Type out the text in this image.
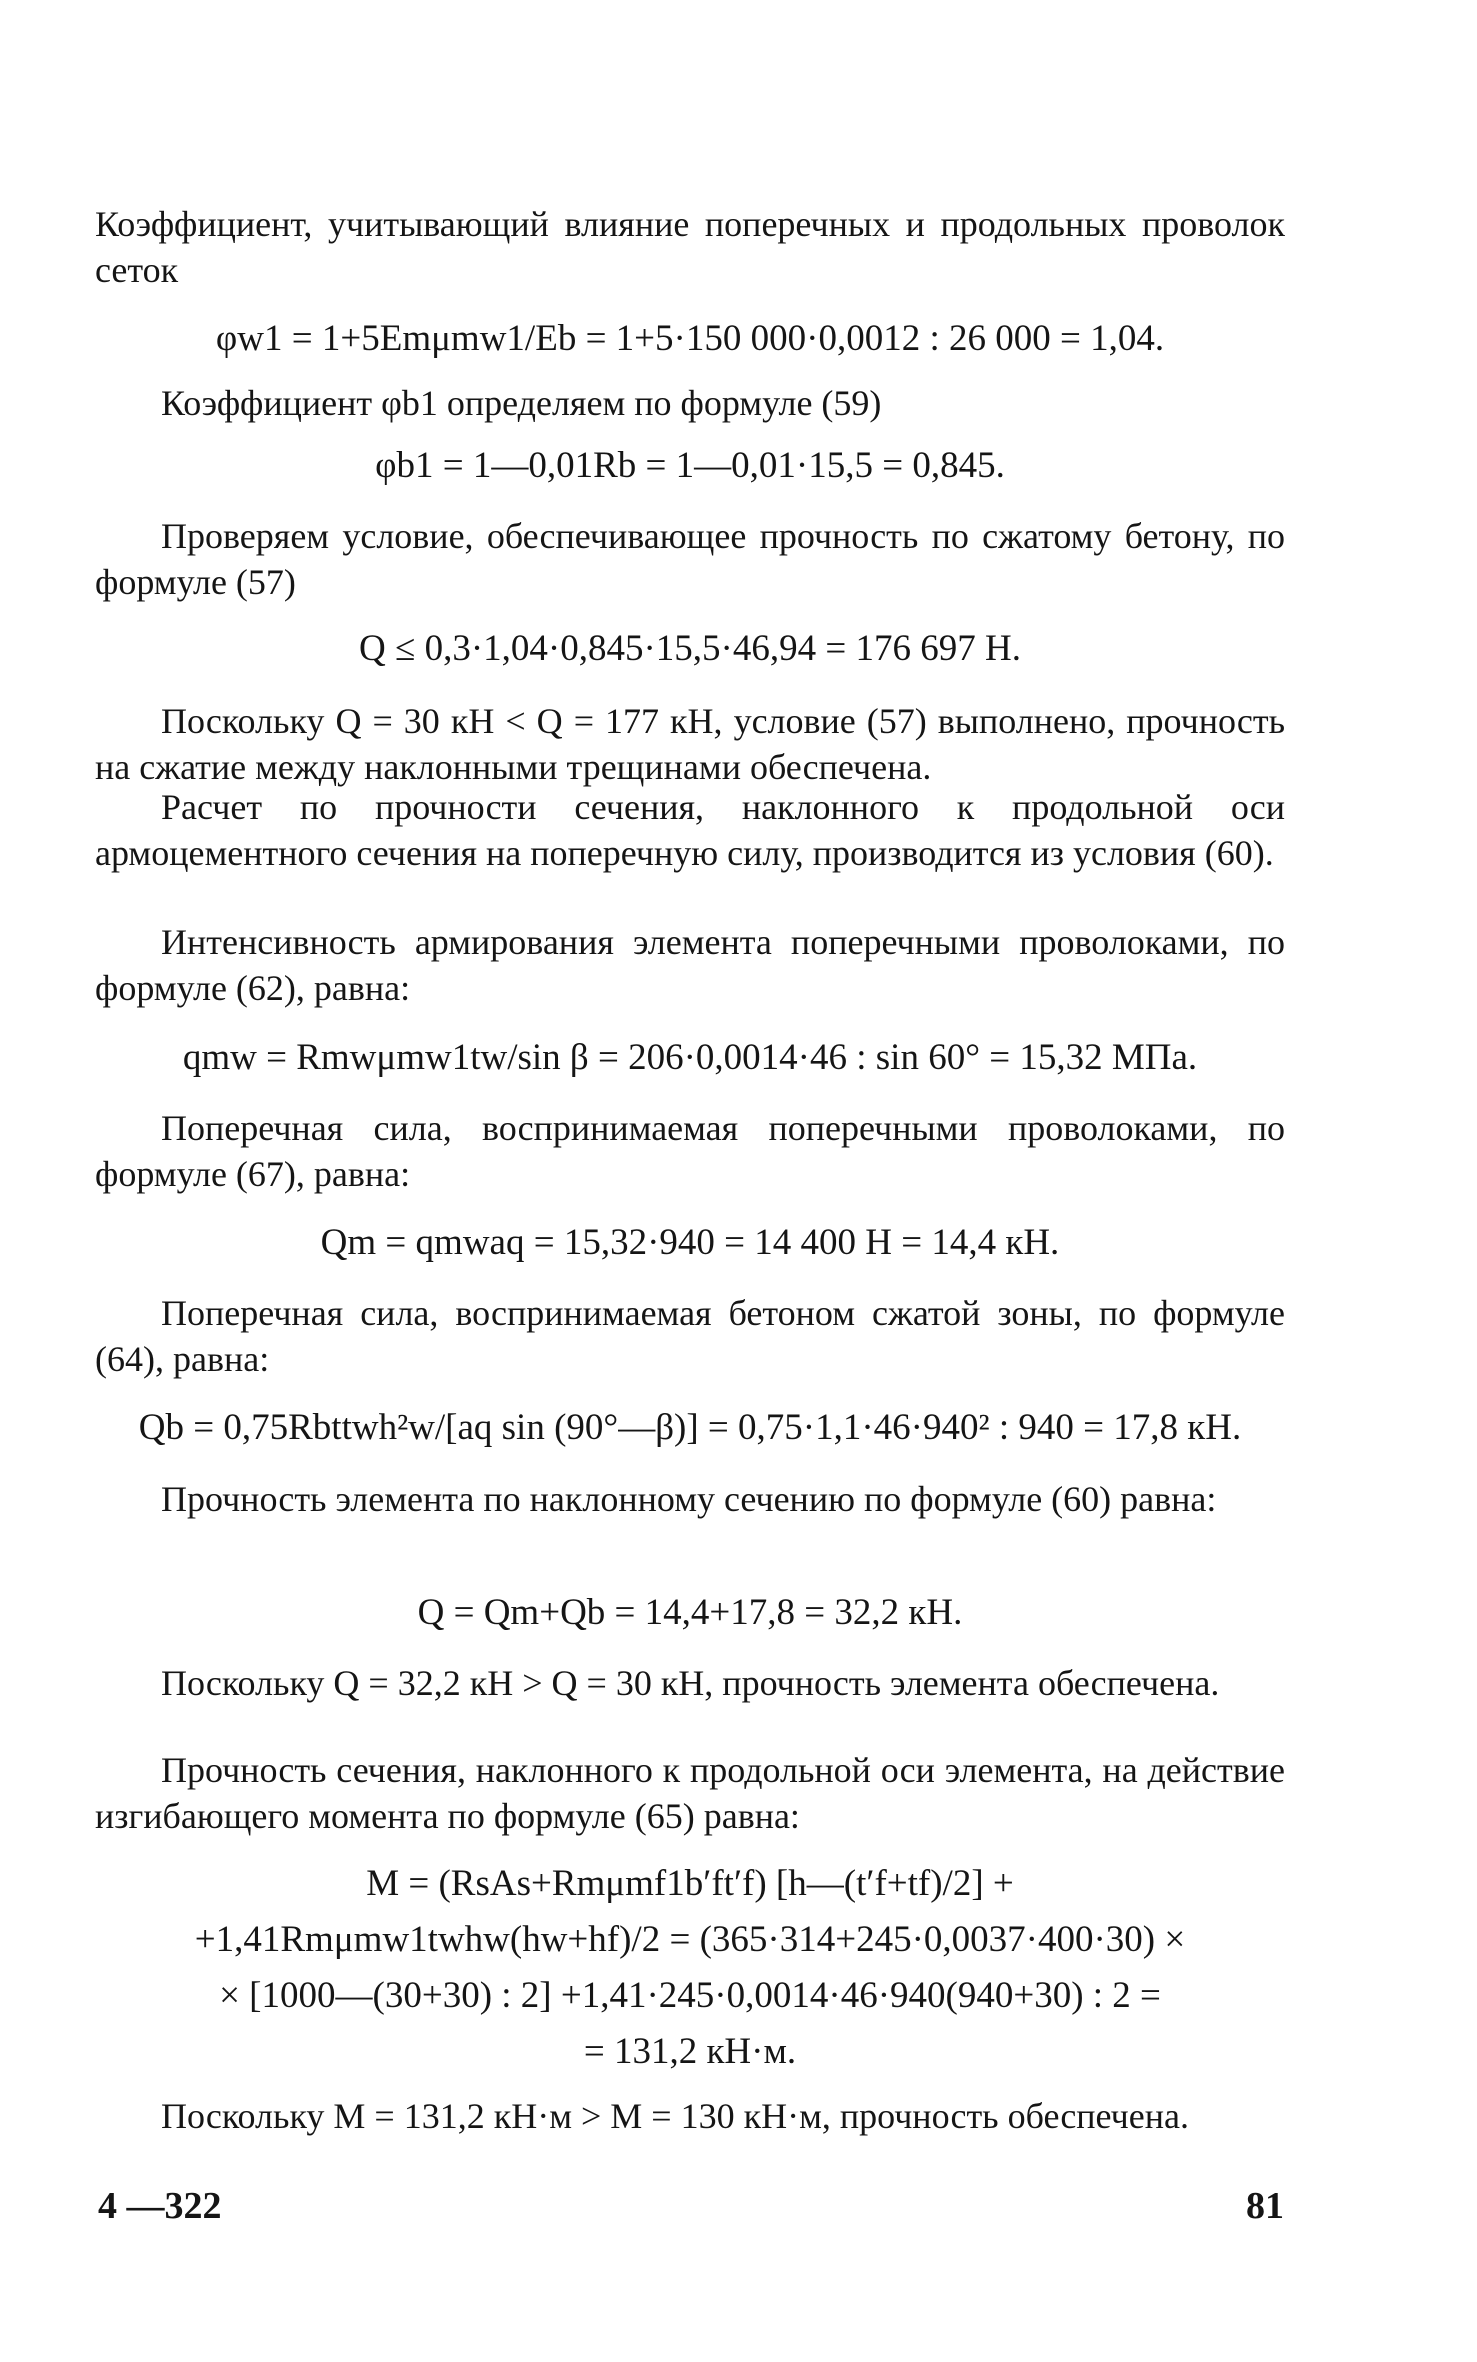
Коэффициент, учитывающий влияние поперечных и продольных проволок сеток
φw1 = 1+5Emμmw1/Eb = 1+5·150 000·0,0012 : 26 000 = 1,04.
Коэффициент φb1 определяем по формуле (59)
φb1 = 1—0,01Rb = 1—0,01·15,5 = 0,845.
Проверяем условие, обеспечивающее прочность по сжатому бетону, по формуле (57)
Q ≤ 0,3·1,04·0,845·15,5·46,94 = 176 697 Н.
Поскольку Q = 30 кН < Q = 177 кН, условие (57) выполнено, прочность на сжатие между наклонными трещинами обеспечена.
Расчет по прочности сечения, наклонного к продольной оси армоцементного сечения на поперечную силу, производится из условия (60).
Интенсивность армирования элемента поперечными проволоками, по формуле (62), равна:
qmw = Rmwμmw1tw/sin β = 206·0,0014·46 : sin 60° = 15,32 МПа.
Поперечная сила, воспринимаемая поперечными проволоками, по формуле (67), равна:
Qm = qmwaq = 15,32·940 = 14 400 Н = 14,4 кН.
Поперечная сила, воспринимаемая бетоном сжатой зоны, по формуле (64), равна:
Qb = 0,75Rbttwh²w/[aq sin (90°—β)] = 0,75·1,1·46·940² : 940 = 17,8 кН.
Прочность элемента по наклонному сечению по формуле (60) равна:
Q = Qm+Qb = 14,4+17,8 = 32,2 кН.
Поскольку Q = 32,2 кН > Q = 30 кН, прочность элемента обеспечена.
Прочность сечения, наклонного к продольной оси элемента, на действие изгибающего момента по формуле (65) равна:
M = (RsAs+Rmμmf1b′ft′f) [h—(t′f+tf)/2] +
+1,41Rmμmw1twhw(hw+hf)/2 = (365·314+245·0,0037·400·30) ×
× [1000—(30+30) : 2] +1,41·245·0,0014·46·940(940+30) : 2 =
= 131,2 кН·м.
Поскольку M = 131,2 кН·м > M = 130 кН·м, прочность обеспечена.
4 —322	81
